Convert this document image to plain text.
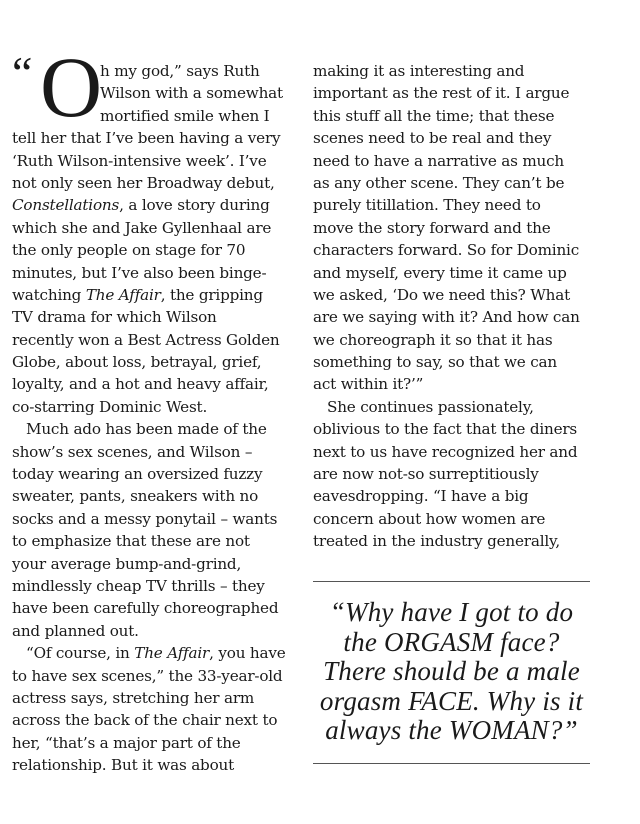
“ O
h my god,” says Ruth
Wilson with a somewhat
mortified smile when I
tell her that I’ve been having a very
‘Ruth Wilson-intensive week’. I’ve
not only seen her Broadway debut,
Constellations, a love story during
which she and Jake Gyllenhaal are
the only people on stage for 70
minutes, but I’ve also been binge-
watching The Affair, the gripping
TV drama for which Wilson
recently won a Best Actress Golden
Globe, about loss, betrayal, grief,
loyalty, and a hot and heavy affair,
co-starring Dominic West.
Much ado has been made of the
show’s sex scenes, and Wilson –
today wearing an oversized fuzzy
sweater, pants, sneakers with no
socks and a messy ponytail – wants
to emphasize that these are not
your average bump-and-grind,
mindlessly cheap TV thrills – they
have been carefully choreographed
and planned out.
“Of course, in The Affair, you have
to have sex scenes,” the 33-year-old
actress says, stretching her arm
across the back of the chair next to
her, “that’s a major part of the
relationship. But it was about
making it as interesting and
important as the rest of it. I argue
this stuff all the time; that these
scenes need to be real and they
need to have a narrative as much
as any other scene. They can’t be
purely titillation. They need to
move the story forward and the
characters forward. So for Dominic
and myself, every time it came up
we asked, ‘Do we need this? What
are we saying with it? And how can
we choreograph it so that it has
something to say, so that we can
act within it?’”
She continues passionately,
oblivious to the fact that the diners
next to us have recognized her and
are now not-so surreptitiously
eavesdropping. “I have a big
concern about how women are
treated in the industry generally,
“Why have I got to do
the ORGASM face?
There should be a male
orgasm FACE. Why is it
always the WOMAN?”
